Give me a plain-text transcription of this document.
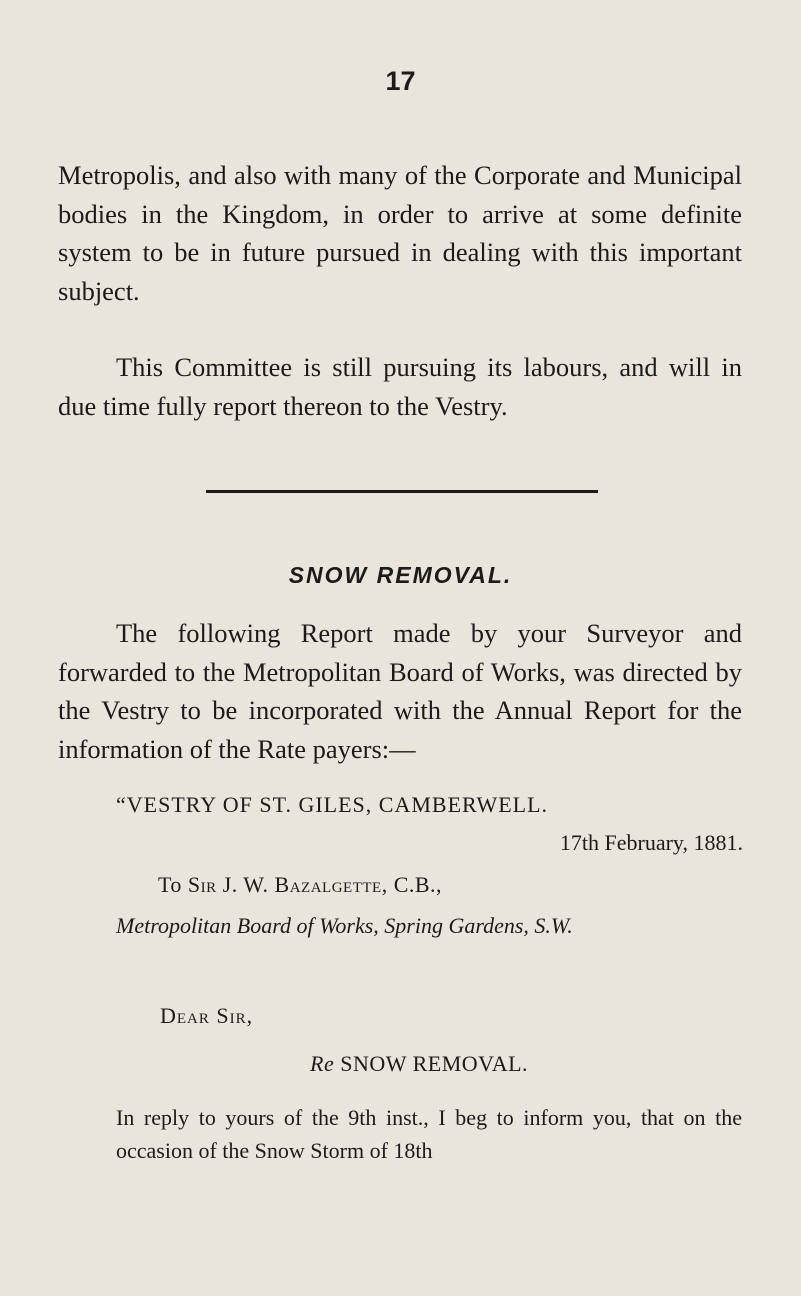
17

Metropolis, and also with many of the Corporate and Municipal bodies in the Kingdom, in order to arrive at some definite system to be in future pursued in dealing with this important subject.

This Committee is still pursuing its labours, and will in due time fully report thereon to the Vestry.

SNOW REMOVAL.

The following Report made by your Surveyor and forwarded to the Metropolitan Board of Works, was directed by the Vestry to be incorporated with the Annual Report for the information of the Rate payers:—

“VESTRY OF ST. GILES, CAMBERWELL.
17th February, 1881.
To Sir J. W. Bazalgette, C.B.,
Metropolitan Board of Works, Spring Gardens, S.W.
Dear Sir,
Re SNOW REMOVAL.

In reply to yours of the 9th inst., I beg to inform you, that on the occasion of the Snow Storm of 18th
